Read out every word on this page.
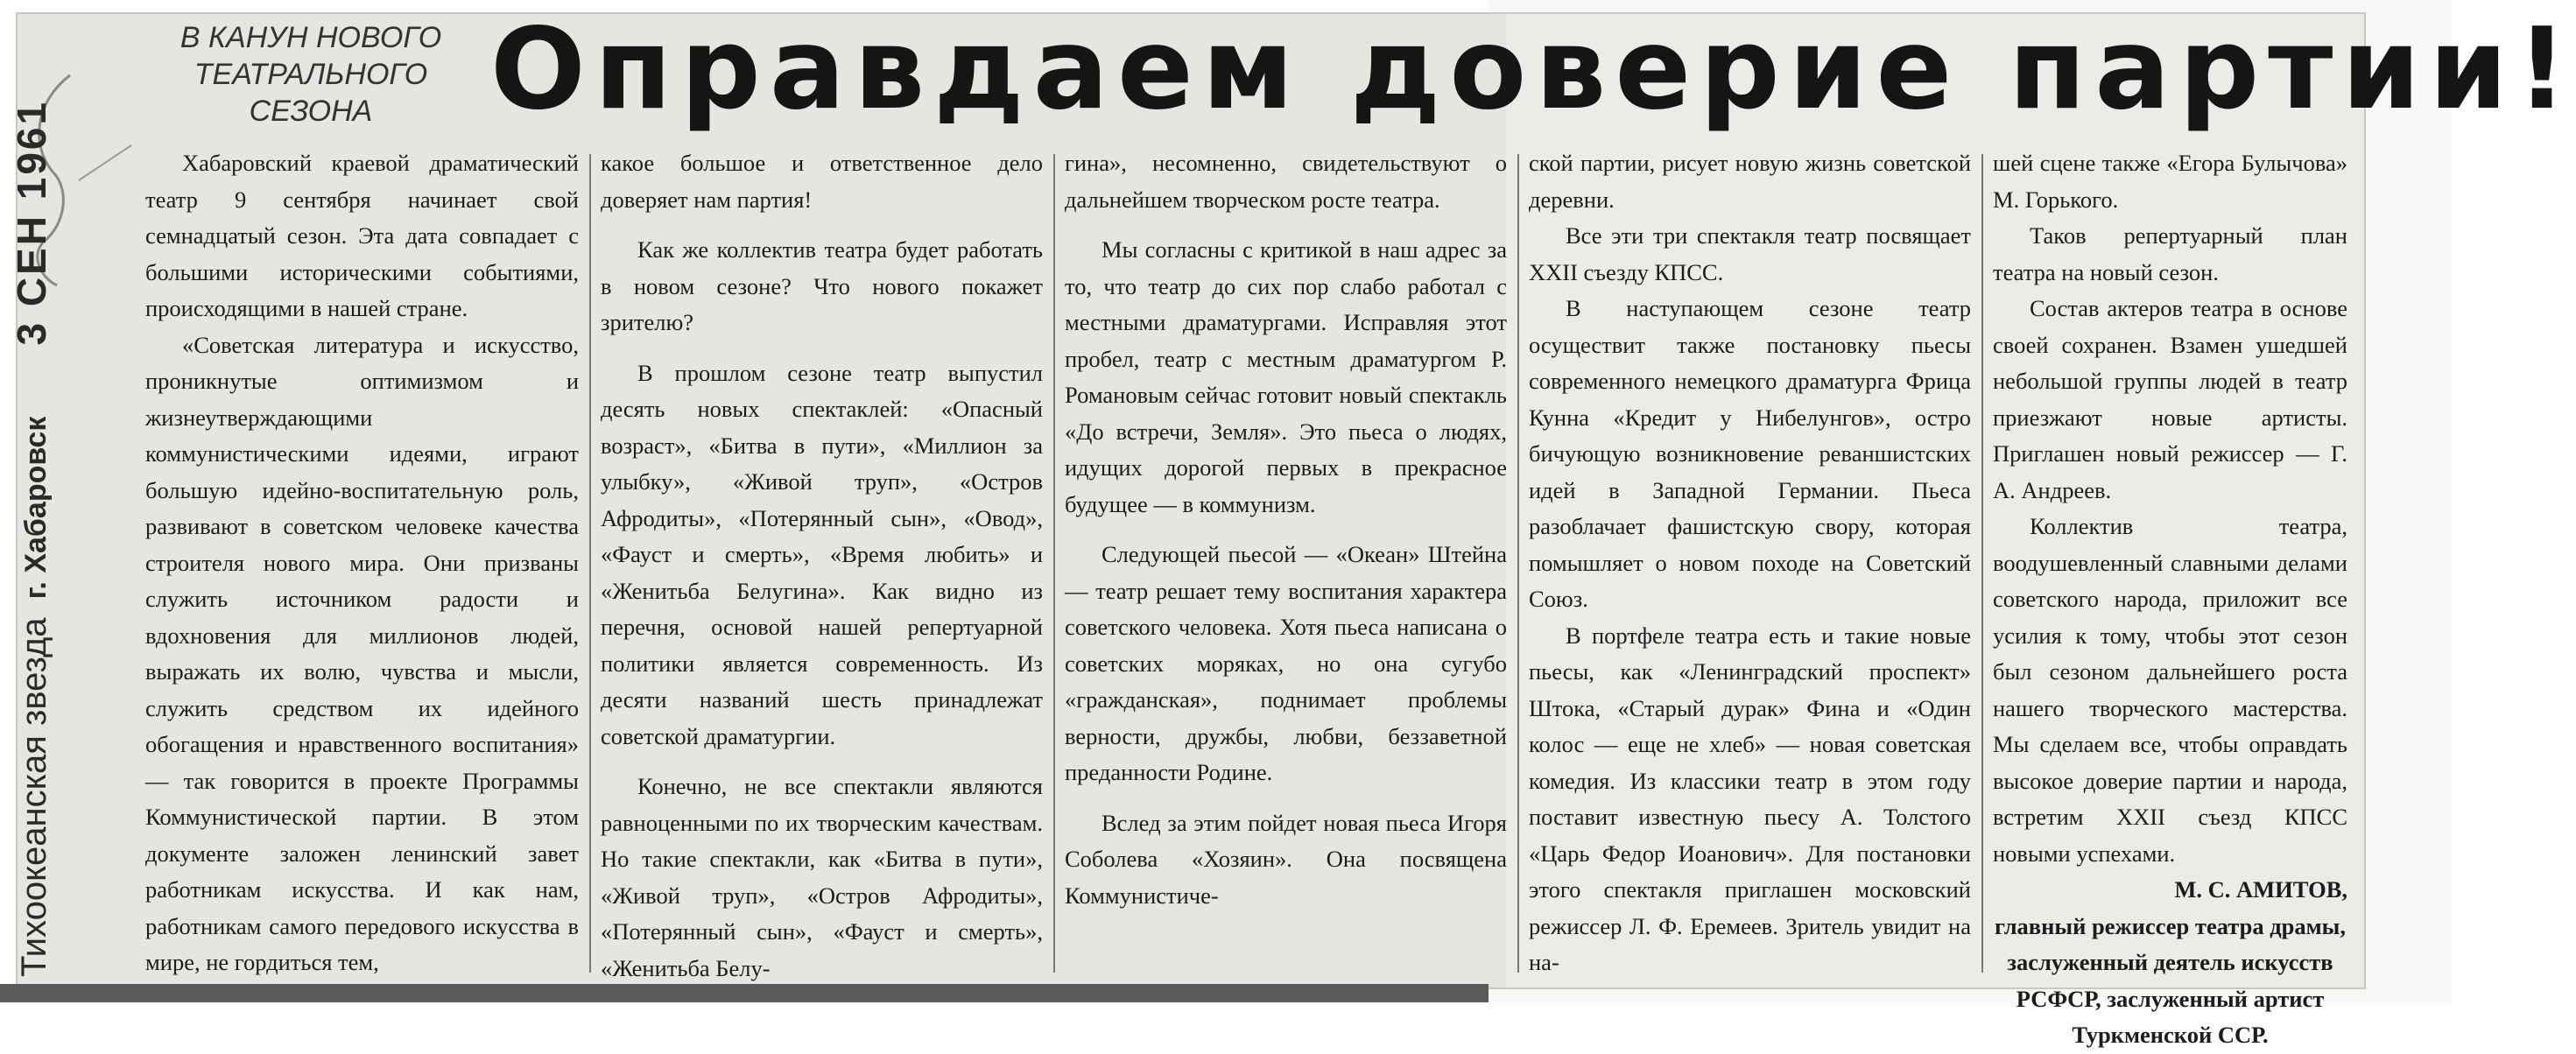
В КАНУН НОВОГО
ТЕАТРАЛЬНОГО
СЕЗОНА	Оправдаем доверие партии!
Тихоокеанская звезда г. Хабаровск 3 СЕН 1961	Хабаровский краевой драматический театр 9 сентября начинает свой семнадцатый сезон. Эта дата совпадает с большими историческими событиями, происходящими в нашей стране.

«Советская литература и искусство, проникнутые оптимизмом и жизнеутверждающими коммунистическими идеями, играют большую идейно-воспитательную роль, развивают в советском человеке качества строителя нового мира. Они призваны служить источником радости и вдохновения для миллионов людей, выражать их волю, чувства и мысли, служить средством их идейного обогащения и нравственного воспитания» — так говорится в проекте Программы Коммунистической партии. В этом документе заложен ленинский завет работникам искусства. И как нам, работникам самого передового искусства в мире, не гордиться тем,

какое большое и ответственное дело доверяет нам партия!

Как же коллектив театра будет работать в новом сезоне? Что нового покажет зрителю?

В прошлом сезоне театр выпустил десять новых спектаклей: «Опасный возраст», «Битва в пути», «Миллион за улыбку», «Живой труп», «Остров Афродиты», «Потерянный сын», «Овод», «Фауст и смерть», «Время любить» и «Женитьба Белугина». Как видно из перечня, основой нашей репертуарной политики является современность. Из десяти названий шесть принадлежат советской драматургии.

Конечно, не все спектакли являются равноценными по их творческим качествам. Но такие спектакли, как «Битва в пути», «Живой труп», «Остров Афродиты», «Потерянный сын», «Фауст и смерть», «Женитьба Белу-

гина», несомненно, свидетельствуют о дальнейшем творческом росте театра.

Мы согласны с критикой в наш адрес за то, что театр до сих пор слабо работал с местными драматургами. Исправляя этот пробел, театр с местным драматургом Р. Романовым сейчас готовит новый спектакль «До встречи, Земля». Это пьеса о людях, идущих дорогой первых в прекрасное будущее — в коммунизм.

Следующей пьесой — «Океан» Штейна — театр решает тему воспитания характера советского человека. Хотя пьеса написана о советских моряках, но она сугубо «гражданская», поднимает проблемы верности, дружбы, любви, беззаветной преданности Родине.

Вслед за этим пойдет новая пьеса Игоря Соболева «Хозяин». Она посвящена Коммунистиче-

ской партии, рисует новую жизнь советской деревни.

Все эти три спектакля театр посвящает XXII съезду КПСС.

В наступающем сезоне театр осуществит также постановку пьесы современного немецкого драматурга Фрица Кунна «Кредит у Нибелунгов», остро бичующую возникновение реваншистских идей в Западной Германии. Пьеса разоблачает фашистскую свору, которая помышляет о новом походе на Советский Союз.

В портфеле театра есть и такие новые пьесы, как «Ленинградский проспект» Штока, «Старый дурак» Фина и «Один колос — еще не хлеб» — новая советская комедия. Из классики театр в этом году поставит известную пьесу А. Толстого «Царь Федор Иоанович». Для постановки этого спектакля приглашен московский режиссер Л. Ф. Еремеев. Зритель увидит на на-

шей сцене также «Егора Булычова» М. Горького.

Таков репертуарный план театра на новый сезон.

Состав актеров театра в основе своей сохранен. Взамен ушедшей небольшой группы людей в театр приезжают новые артисты. Приглашен новый режиссер — Г. А. Андреев.

Коллектив театра, воодушевленный славными делами советского народа, приложит все усилия к тому, чтобы этот сезон был сезоном дальнейшего роста нашего творческого мастерства. Мы сделаем все, чтобы оправдать высокое доверие партии и народа, встретим XXII съезд КПСС новыми успехами.

М. С. АМИТОВ,

главный режиссер театра драмы, заслуженный деятель искусств РСФСР, заслуженный артист Туркменской ССР.
